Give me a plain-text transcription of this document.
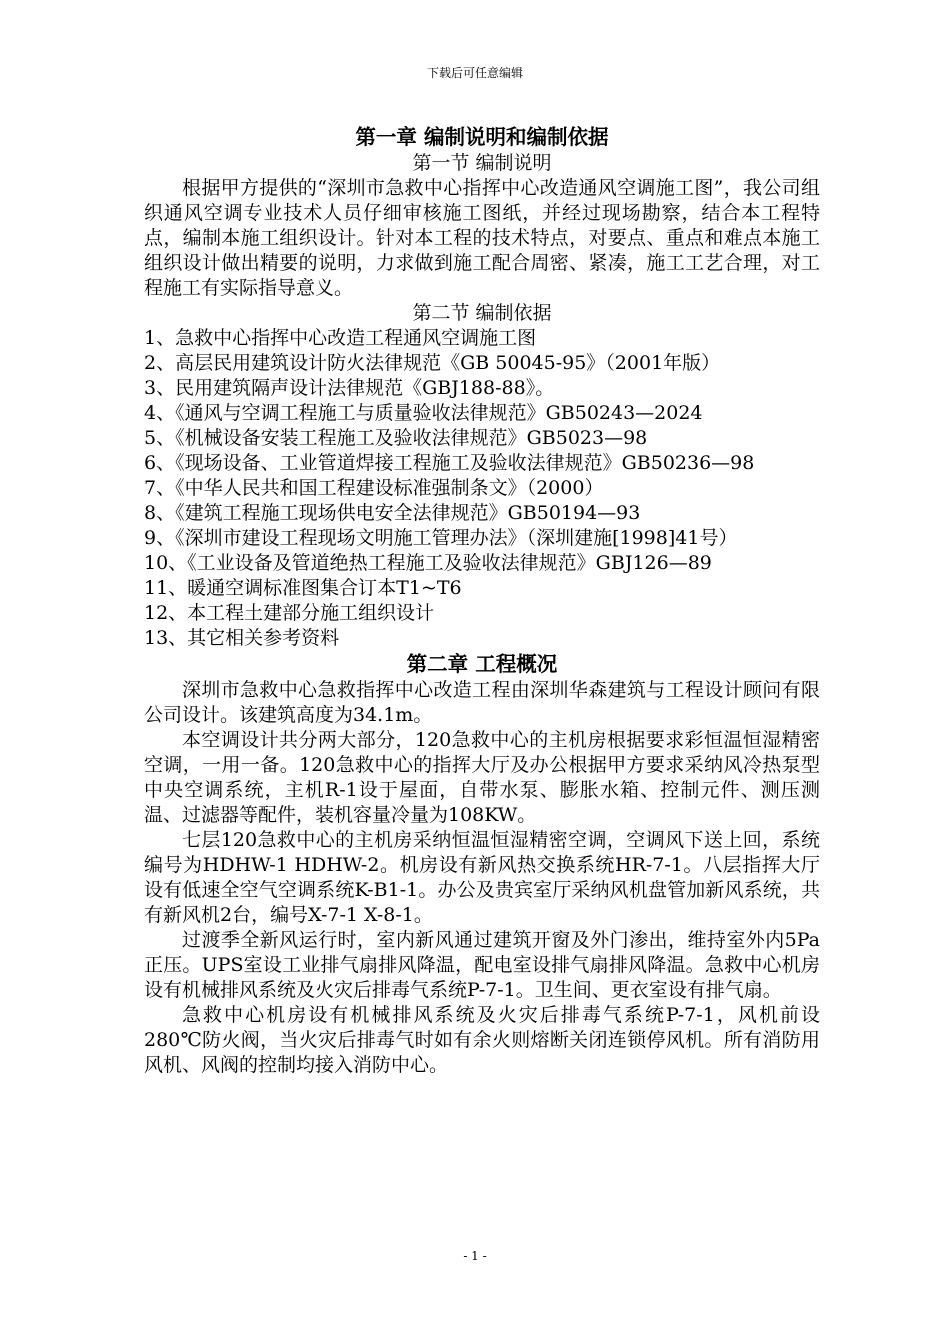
下载后可任意编辑
第一章 编制说明和编制依据
第一节 编制说明

根据甲方提供的“深圳市急救中心指挥中心改造通风空调施工图”，我公司组织通风空调专业技术人员仔细审核施工图纸，并经过现场勘察，结合本工程特点，编制本施工组织设计。针对本工程的技术特点，对要点、重点和难点本施工组织设计做出精要的说明，力求做到施工配合周密、紧凑，施工工艺合理，对工程施工有实际指导意义。

第二节 编制依据

1、急救中心指挥中心改造工程通风空调施工图

2、高层民用建筑设计防火法律规范《GB 50045-95》（2001年版）

3、民用建筑隔声设计法律规范《GBJ188-88》。

4、《通风与空调工程施工与质量验收法律规范》GB50243—2024

5、《机械设备安装工程施工及验收法律规范》GB5023—98

6、《现场设备、工业管道焊接工程施工及验收法律规范》GB50236—98

7、《中华人民共和国工程建设标准强制条文》（2000）

8、《建筑工程施工现场供电安全法律规范》GB50194—93

9、《深圳市建设工程现场文明施工管理办法》（深圳建施[1998]41号）

10、《工业设备及管道绝热工程施工及验收法律规范》GBJ126—89

11、暖通空调标准图集合订本T1~T6

12、本工程土建部分施工组织设计

13、其它相关参考资料

第二章 工程概况

深圳市急救中心急救指挥中心改造工程由深圳华森建筑与工程设计顾问有限公司设计。该建筑高度为34.1m。

本空调设计共分两大部分，120急救中心的主机房根据要求彩恒温恒湿精密空调，一用一备。120急救中心的指挥大厅及办公根据甲方要求采纳风冷热泵型中央空调系统，主机R-1设于屋面，自带水泵、膨胀水箱、控制元件、测压测温、过滤器等配件，装机容量冷量为108KW。

七层120急救中心的主机房采纳恒温恒湿精密空调，空调风下送上回，系统编号为HDHW-1 HDHW-2。机房设有新风热交换系统HR-7-1。八层指挥大厅设有低速全空气空调系统K-B1-1。办公及贵宾室厅采纳风机盘管加新风系统，共有新风机2台，编号X-7-1 X-8-1。

过渡季全新风运行时，室内新风通过建筑开窗及外门渗出，维持室外内5Pa正压。UPS室设工业排气扇排风降温，配电室设排气扇排风降温。急救中心机房设有机械排风系统及火灾后排毒气系统P-7-1。卫生间、更衣室设有排气扇。

急救中心机房设有机械排风系统及火灾后排毒气系统P-7-1，风机前设280℃防火阀，当火灾后排毒气时如有余火则熔断关闭连锁停风机。所有消防用风机、风阀的控制均接入消防中心。

- 1 -
